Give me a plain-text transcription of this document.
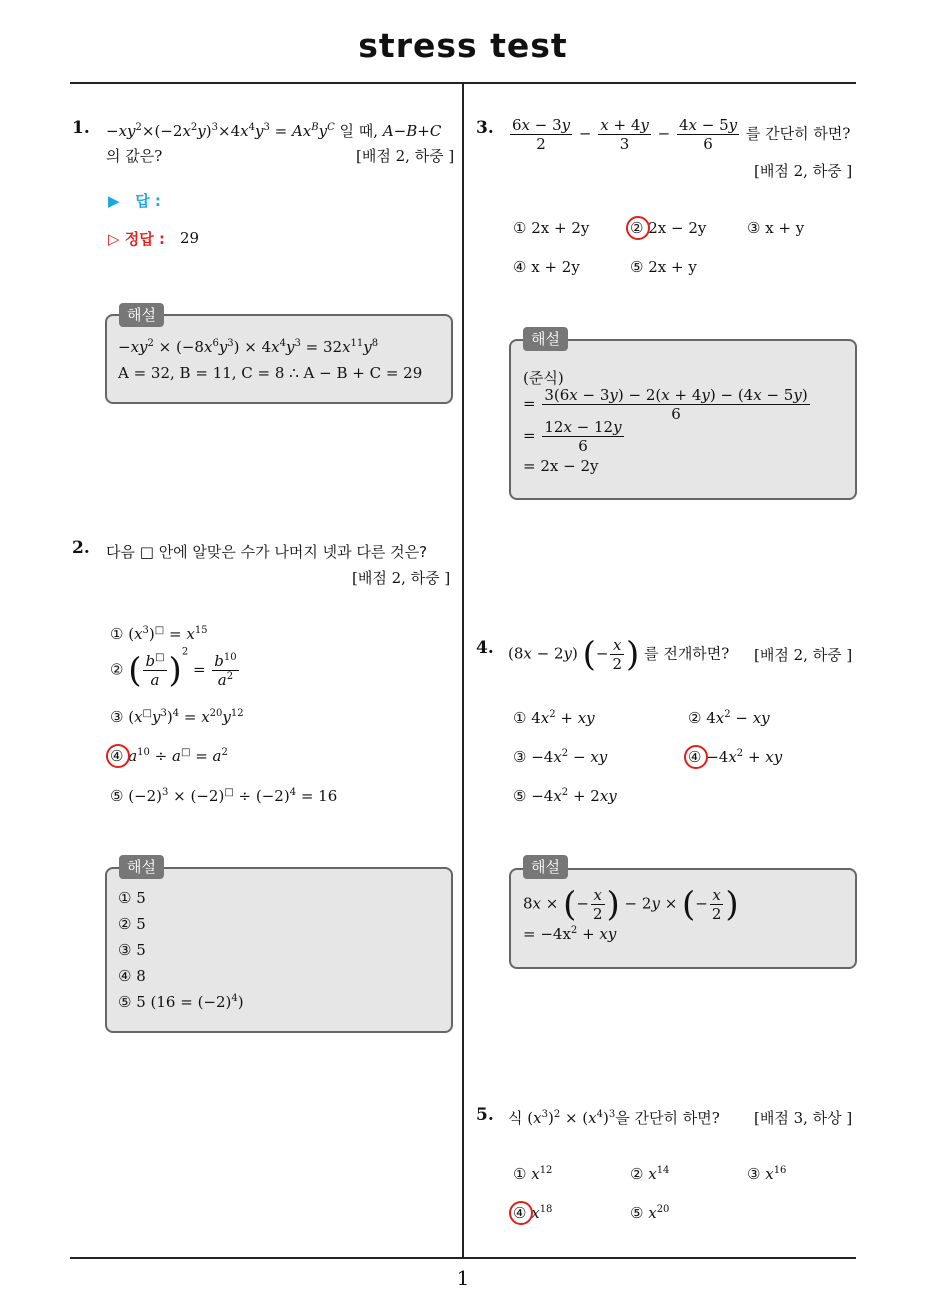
stress test
1
1. $-xy^2\times(-2x^2y)^3\times 4x^4y^3 = Ax^By^C$ 일 때, A−B+C
의 값은?	[배점 2, 하중 ]
▶ 답 :
▷ 정답 : 29
해설
$-xy^2 \times (-8x^6y^3) \times 4x^4y^3 = 32x^{11}y^8$
A = 32, B = 11, C = 8 ∴ A − B + C = 29
2. 다음 □ 안에 알맞은 수가 나머지 넷과 다른 것은?
[배점 2, 하중 ]
① $(x^3)^□ = x^{15}$
② ( $\frac{b^□}{a} )^2 = \frac{b^{10}}{a^2}$
③ $(x^□y^3)^4 = x^{20}y^{12}$
④ $a^{10} \div a^□ = a^2$
⑤ $(-2)^3 \times (-2)^□ \div (-2)^4 = 16$
해설
① 5
② 5
③ 5
④ 8
⑤ 5 $(16 = (-2)^4)$
3. $\frac{6x - 3y}{2} - \frac{x + 4y}{3} - \frac{4x - 5y}{6}$ 를 간단히 하면?
[배점 2, 하중 ]
① 2x + 2y	② 2x − 2y	③ x + y
④ x + 2y	⑤ 2x + y
해설
(준식)
= $\frac{3(6x - 3y) - 2(x + 4y) - (4x - 5y)}{6}$
= $\frac{12x - 12y}{6}$
= 2x − 2y
4. (8x − 2y) (− $\frac{x}{2}$ ) 를 전개하면? [배점 2, 하중 ]
① $4x^2$ + xy	② $4x^2$ − xy
③ $-4x^2$ − xy	④ $-4x^2$ + xy
⑤ $-4x^2 + 2xy$
해설
8x × (− $\frac{x}{2}$ ) − 2y × (− $\frac{x}{2}$ )
= $-4x^2$ + xy
5. 식 $(x^3)^2 \times (x^4)^3$을 간단히 하면? [배점 3, 하상 ]
① $x^{12}$	② $x^{14}$	③ $x^{16}$
④ $x^{18}$	⑤ $x^{20}$
